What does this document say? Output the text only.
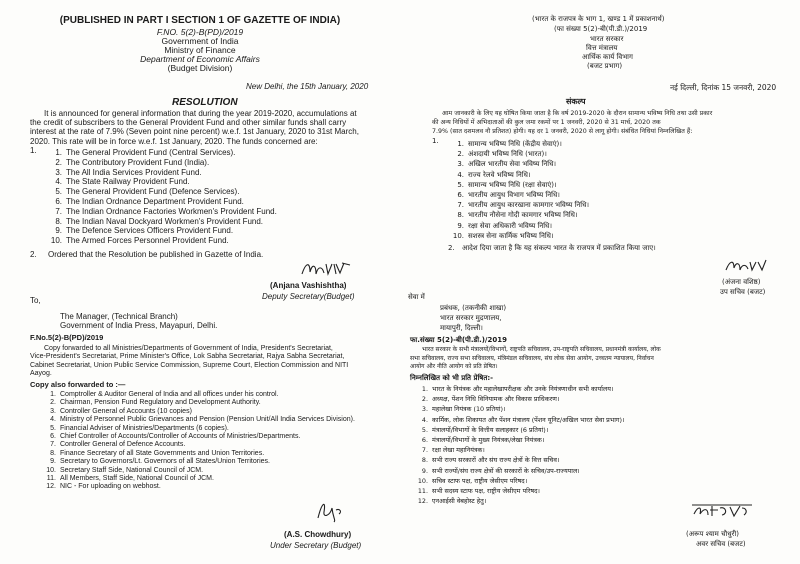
(PUBLISHED IN PART I SECTION 1 OF GAZETTE OF INDIA)
F.NO. 5(2)-B(PD)/2019
Government of India
Ministry of Finance
Department of Economic Affairs
(Budget Division)
New Delhi, the 15th January, 2020
RESOLUTION
It is announced for general information that during the year 2019-2020, accumulations at
the credit of subscribers to the General Provident Fund and other similar funds shall carry
interest at the rate of 7.9% (Seven point nine percent) w.e.f. 1st January, 2020 to 31st March,
2020. This rate will be in force w.e.f. 1st January, 2020. The funds concerned are:
1.	1. The General Provident Fund (Central Services).
2. The Contributory Provident Fund (India).
3. The All India Services Provident Fund.
4. The State Railway Provident Fund.
5. The General Provident Fund (Defence Services).
6. The Indian Ordnance Department Provident Fund.
7. The Indian Ordnance Factories Workmen's Provident Fund.
8. The Indian Naval Dockyard Workmen's Provident Fund.
9. The Defence Services Officers Provident Fund.
10. The Armed Forces Personnel Provident Fund.
2. Ordered that the Resolution be published in Gazette of India.
(Anjana Vashishtha)
Deputy Secretary(Budget)
To,
The Manager, (Technical Branch)
Government of India Press, Mayapuri, Delhi.
F.No.5(2)-B(PD)/2019
Copy forwarded to all Ministries/Departments of Government of India, President's Secretariat,
Vice-President's Secretariat, Prime Minister's Office, Lok Sabha Secretariat, Rajya Sabha Secretariat,
Cabinet Secretariat, Union Public Service Commission, Supreme Court, Election Commission and NITI
Aayog.
Copy also forwarded to :—
1. Comptroller & Auditor General of India and all offices under his control.
2. Chairman, Pension Fund Regulatory and Development Authority.
3. Controller General of Accounts (10 copies)
4. Ministry of Personnel Public Grievances and Pension (Pension Unit/All India Services Division).
5. Financial Adviser of Ministries/Departments (6 copies).
6. Chief Controller of Accounts/Controller of Accounts of Ministries/Departments.
7. Controller General of Defence Accounts.
8. Finance Secretary of all State Governments and Union Territories.
9. Secretary to Governors/Lt. Governors of all States/Union Territories.
10. Secretary Staff Side, National Council of JCM.
11. All Members, Staff Side, National Council of JCM.
12. NIC - For uploading on webhost.
(A.S. Chowdhury)
Under Secretary (Budget)
(भारत के राजपत्र के भाग 1, खण्ड 1 में प्रकाशनार्थ)
(फा संख्या 5(2)-बी(पी.डी.)/2019
भारत सरकार
वित्त मंत्रालय
आर्थिक कार्य विभाग
(बजट प्रभाग)
नई दिल्ली, दिनांक 15 जनवरी, 2020
संकल्प
आम जानकारी के लिए यह घोषित किया जाता है कि वर्ष 2019-2020 के दौरान सामान्य भविष्य निधि तथा उसी प्रकार
की अन्य निधियों में अभिदाताओं की कुल जमा रकमों पर 1 जनवरी, 2020 से 31 मार्च, 2020 तक
7.9% (सात दशमलव नौ प्रतिशत) होगी। यह दर 1 जनवरी, 2020 से लागू होगी। संबंधित निधियां निम्नलिखित हैं:
1.	1. सामान्य भविष्य निधि (केंद्रीय सेवाएं)।
2. अंशदायी भविष्य निधि (भारत)।
3. अखिल भारतीय सेवा भविष्य निधि।
4. राज्य रेलवे भविष्य निधि।
5. सामान्य भविष्य निधि (रक्षा सेवाएं)।
6. भारतीय आयुध विभाग भविष्य निधि।
7. भारतीय आयुध कारखाना कामगार भविष्य निधि।
8. भारतीय नौसेना गोदी कामगार भविष्य निधि।
9. रक्षा सेवा अधिकारी भविष्य निधि।
10. सशस्त्र सेना कार्मिक भविष्य निधि।
2. आदेश दिया जाता है कि यह संकल्प भारत के राजपत्र में प्रकाशित किया जाए।
(अंजना वशिष्ठ)
उप सचिव (बजट)
सेवा में
प्रबंधक, (तकनीकी शाखा)
भारत सरकार मुद्रणालय,
मायापुरी, दिल्ली।
फा.संख्या 5(2)-बी(पी.डी.)/2019
भारत सरकार के सभी मंत्रालयों/विभागों, राष्ट्रपति सचिवालय, उप-राष्ट्रपति सचिवालय, प्रधानमंत्री कार्यालय, लोक
सभा सचिवालय, राज्य सभा सचिवालय, मंत्रिमंडल सचिवालय, संघ लोक सेवा आयोग, उच्चतम न्यायालय, निर्वाचन
आयोग और नीति आयोग को प्रति प्रेषित।
निम्नलिखित को भी प्रति प्रेषित:-
1. भारत के नियंत्रक और महालेखापरीक्षक और उनके नियंत्रणाधीन सभी कार्यालय।
2. अध्यक्ष, पेंशन निधि विनियामक और विकास प्राधिकरण।
3. महालेखा नियंत्रक (10 प्रतियां)।
4. कार्मिक, लोक शिकायत और पेंशन मंत्रालय (पेंशन यूनिट/अखिल भारत सेवा प्रभाग)।
5. मंत्रालयों/विभागों के वित्तीय सलाहकार (6 प्रतियां)।
6. मंत्रालयों/विभागों के मुख्य नियंत्रक/लेखा नियंत्रक।
7. रक्षा लेखा महानियंत्रक।
8. सभी राज्य सरकारों और संघ राज्य क्षेत्रों के वित्त सचिव।
9. सभी राज्यों/संघ राज्य क्षेत्रों की सरकारों के सचिव/उप-राज्यपाल।
10. सचिव स्टाफ पक्ष, राष्ट्रीय जेसीएम परिषद।
11. सभी सदस्य स्टाफ पक्ष, राष्ट्रीय जेसीएम परिषद।
12. एनआईसी वेबहोस्ट हेतु।
(अरूप श्याम चौधुरी)
अवर सचिव (बजट)
